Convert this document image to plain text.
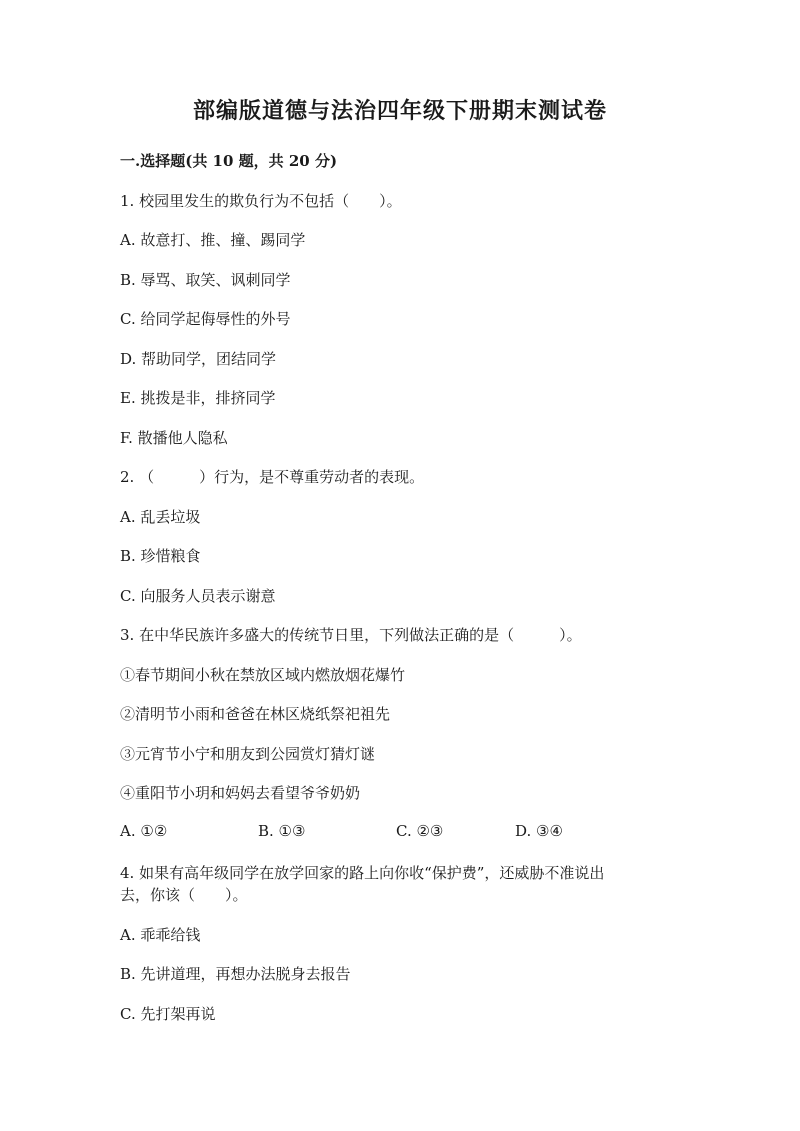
部编版道德与法治四年级下册期末测试卷
一.选择题(共 10 题，共 20 分)
1. 校园里发生的欺负行为不包括（　　）。
A. 故意打、推、撞、踢同学
B. 辱骂、取笑、讽刺同学
C. 给同学起侮辱性的外号
D. 帮助同学，团结同学
E. 挑拨是非，排挤同学
F. 散播他人隐私
2. （　　　）行为，是不尊重劳动者的表现。
A. 乱丢垃圾
B. 珍惜粮食
C. 向服务人员表示谢意
3. 在中华民族许多盛大的传统节日里，下列做法正确的是（　　　）。
①春节期间小秋在禁放区域内燃放烟花爆竹
②清明节小雨和爸爸在林区烧纸祭祀祖先
③元宵节小宁和朋友到公园赏灯猜灯谜
④重阳节小玥和妈妈去看望爷爷奶奶
A. ①②	B. ①③	C. ②③	D. ③④
4. 如果有高年级同学在放学回家的路上向你收“保护费”，还威胁不准说出
去，你该（　　）。
A. 乖乖给钱
B. 先讲道理，再想办法脱身去报告
C. 先打架再说
